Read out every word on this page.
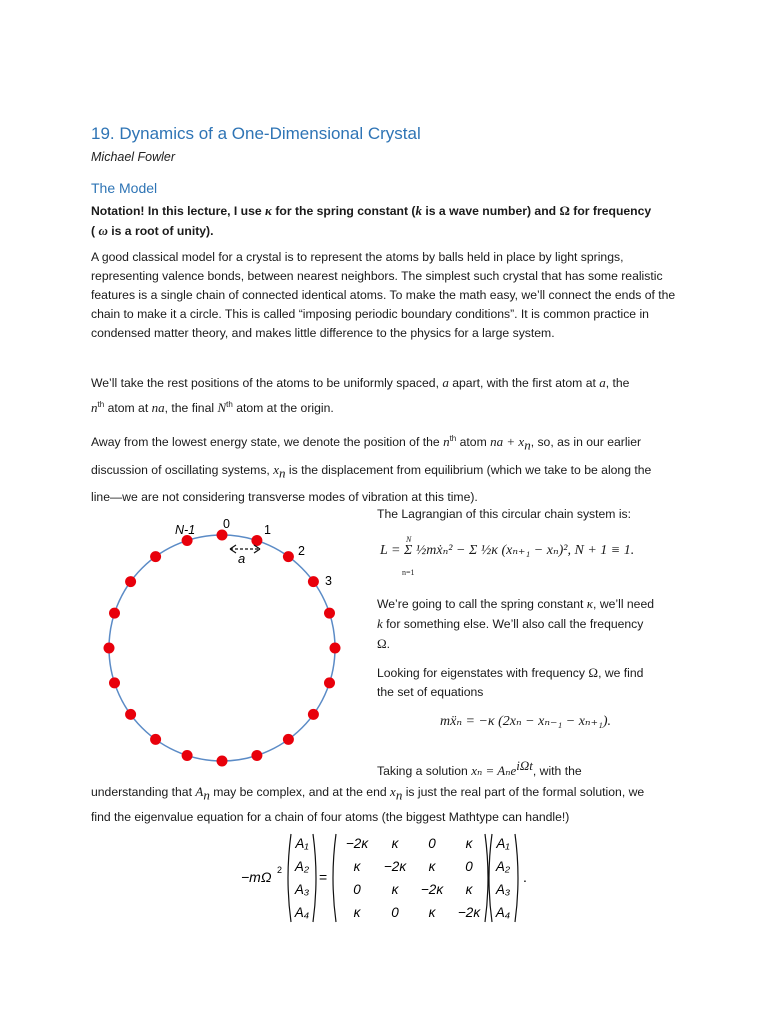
19. Dynamics of a One-Dimensional Crystal
Michael Fowler
The Model
Notation! In this lecture, I use κ for the spring constant (k is a wave number) and Ω for frequency
( ω is a root of unity).
A good classical model for a crystal is to represent the atoms by balls held in place by light springs, representing valence bonds, between nearest neighbors. The simplest such crystal that has some realistic features is a single chain of connected identical atoms. To make the math easy, we’ll connect the ends of the chain to make it a circle. This is called “imposing periodic boundary conditions”. It is common practice in condensed matter theory, and makes little difference to the physics for a large system.
We’ll take the rest positions of the atoms to be uniformly spaced, a apart, with the first atom at a, the
$n^{th}$ atom at na, the final $N^{th}$ atom at the origin.
Away from the lowest energy state, we denote the position of the $n^{th}$ atom na + $x_n$, so, as in our earlier
discussion of oscillating systems, $x_n$ is the displacement from equilibrium (which we take to be along the
line—we are not considering transverse modes of vibration at this time).
N-1 0	1
2
3
a
The Lagrangian of this circular chain system is:
L = Σ ½mẋₙ² − Σ ½κ (xₙ₊₁ − xₙ)², N + 1 ≡ 1.
N
n=1
We’re going to call the spring constant κ, we’ll need
k for something else. We’ll also call the frequency
Ω.
Looking for eigenstates with frequency Ω, we find
the set of equations
mẍₙ = −κ (2xₙ − xₙ₋₁ − xₙ₊₁).
Taking a solution xₙ = Aₙe$^{i\Omega t}$, with the
understanding that $A_n$ may be complex, and at the end $x_n$ is just the real part of the formal solution, we
find the eigenvalue equation for a chain of four atoms (the biggest Mathtype can handle!)
−mΩ 2
A₁
A₂
A₃
A₄
=
−2κ κ 0 κ
κ −2κ κ 0
0 κ −2κ κ
κ 0 κ −2κ
A₁
A₂
A₃
A₄
.
